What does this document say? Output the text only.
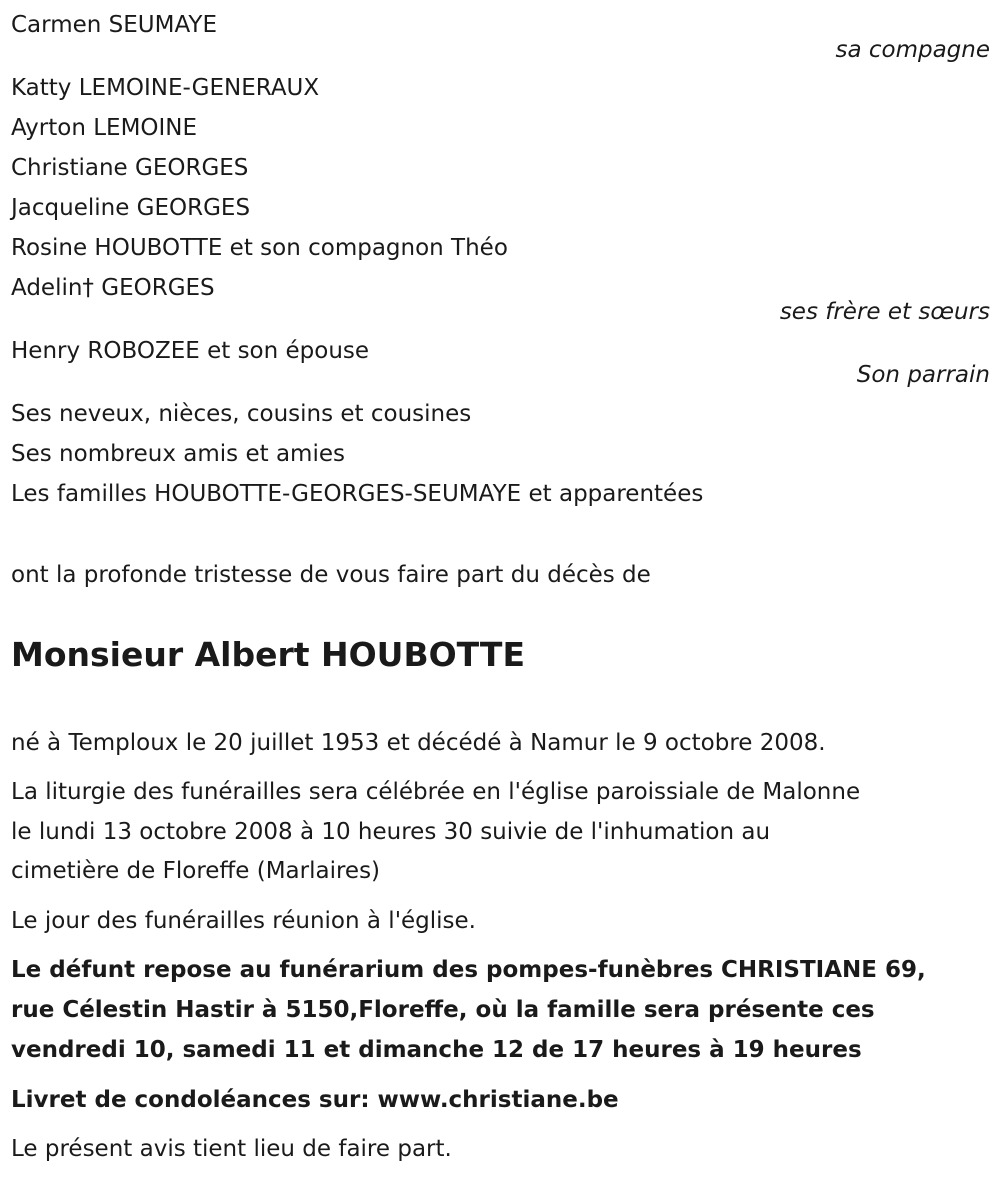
Carmen SEUMAYE
sa compagne
Katty LEMOINE-GENERAUX
Ayrton LEMOINE
Christiane GEORGES
Jacqueline GEORGES
Rosine HOUBOTTE et son compagnon Théo
Adelin† GEORGES
ses frère et sœurs
Henry ROBOZEE et son épouse
Son parrain
Ses neveux, nièces, cousins et cousines
Ses nombreux amis et amies
Les familles HOUBOTTE-GEORGES-SEUMAYE et apparentées
ont la profonde tristesse de vous faire part du décès de
Monsieur Albert HOUBOTTE
né à Temploux le 20 juillet 1953 et décédé à Namur le 9 octobre 2008.
La liturgie des funérailles sera célébrée en l'église paroissiale de Malonne
le lundi 13 octobre 2008 à 10 heures 30 suivie de l'inhumation au
cimetière de Floreffe (Marlaires)
Le jour des funérailles réunion à l'église.
Le défunt repose au funérarium des pompes-funèbres CHRISTIANE 69,
rue Célestin Hastir à 5150,Floreffe, où la famille sera présente ces
vendredi 10, samedi 11 et dimanche 12 de 17 heures à 19 heures
Livret de condoléances sur: www.christiane.be
Le présent avis tient lieu de faire part.
